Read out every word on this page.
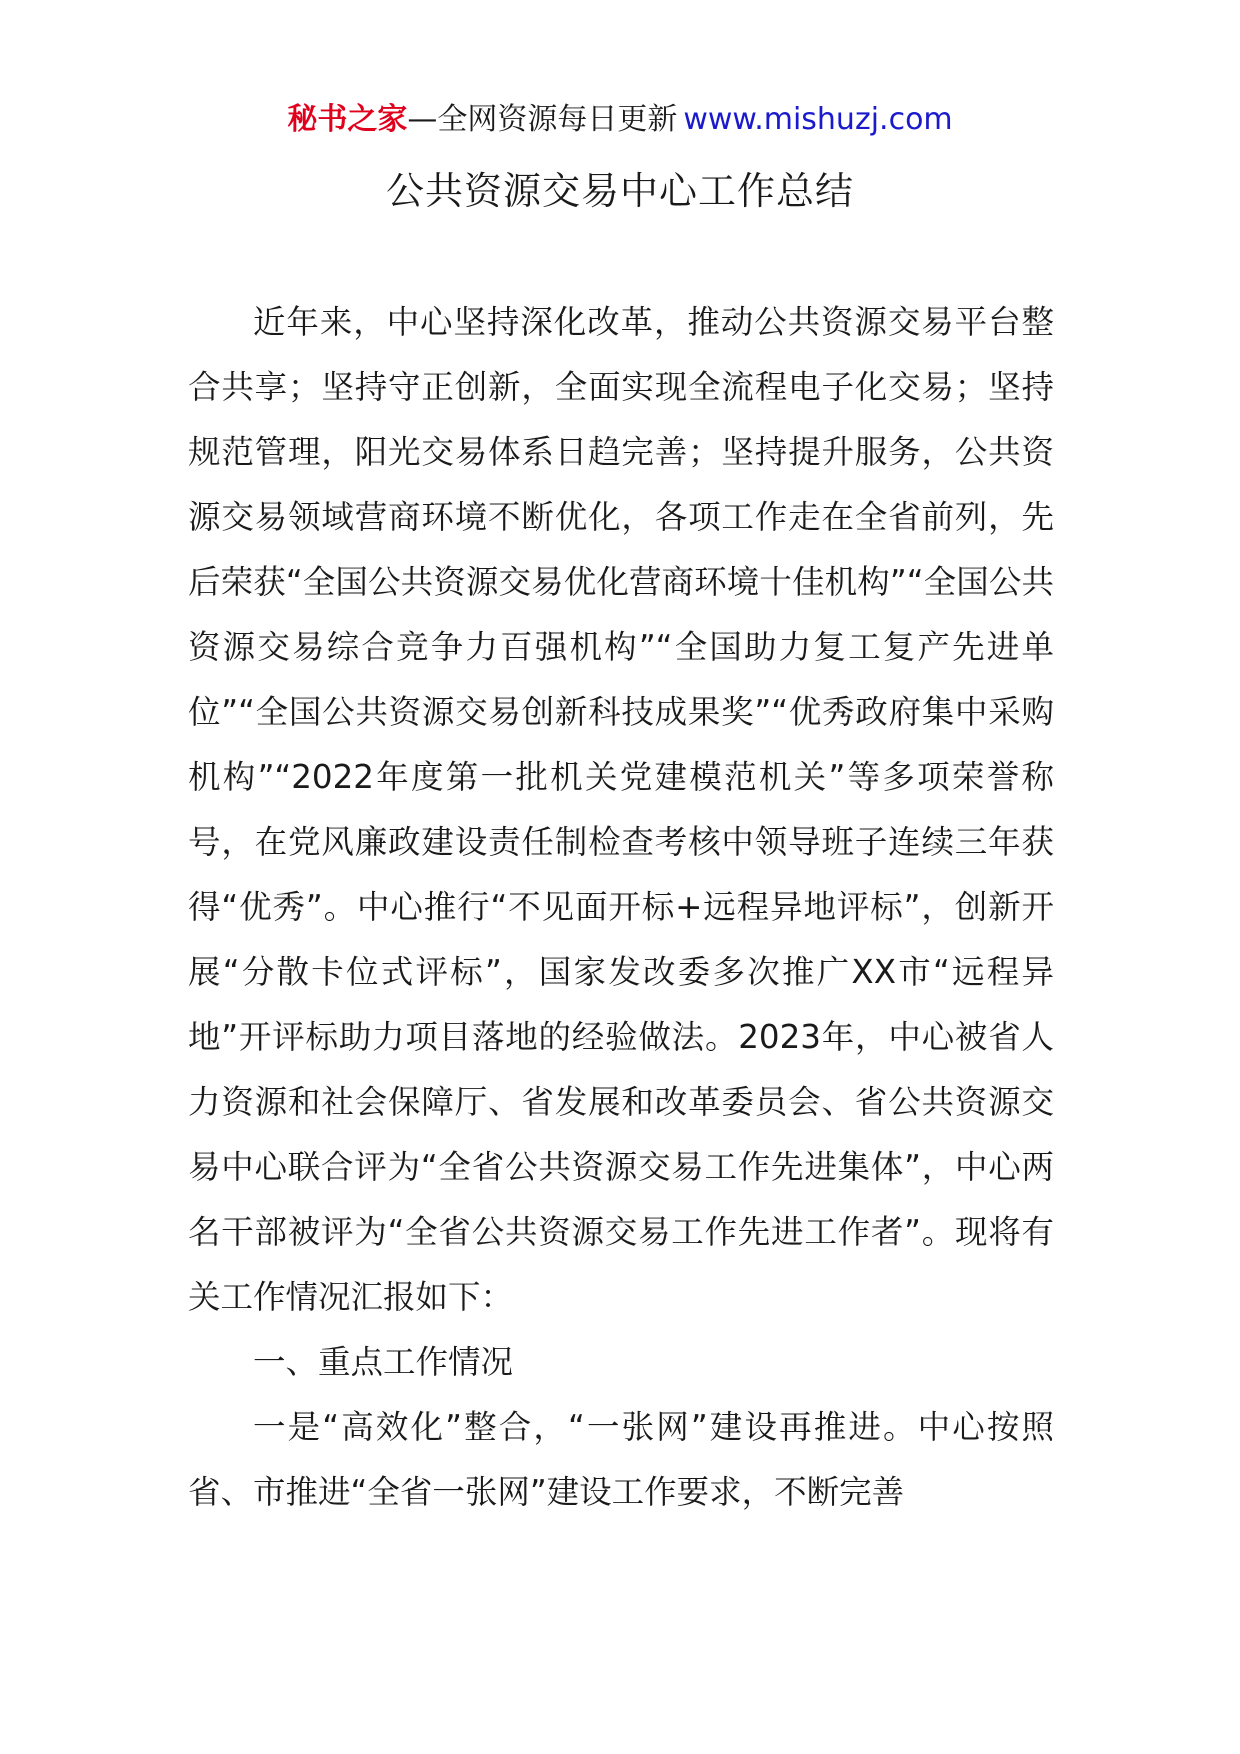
秘书之家—全网资源每日更新 www.mishuzj.com
公共资源交易中心工作总结

近年来，中心坚持深化改革，推动公共资源交易平台整合共享；坚持守正创新，全面实现全流程电子化交易；坚持规范管理，阳光交易体系日趋完善；坚持提升服务，公共资源交易领域营商环境不断优化，各项工作走在全省前列，先后荣获“全国公共资源交易优化营商环境十佳机构”“全国公共资源交易综合竞争力百强机构”“全国助力复工复产先进单位”“全国公共资源交易创新科技成果奖”“优秀政府集中采购机构”“2022年度第一批机关党建模范机关”等多项荣誉称号，在党风廉政建设责任制检查考核中领导班子连续三年获得“优秀”。中心推行“不见面开标+远程异地评标”，创新开展“分散卡位式评标”，国家发改委多次推广XX市“远程异地”开评标助力项目落地的经验做法。2023年，中心被省人力资源和社会保障厅、省发展和改革委员会、省公共资源交易中心联合评为“全省公共资源交易工作先进集体”，中心两名干部被评为“全省公共资源交易工作先进工作者”。现将有关工作情况汇报如下：

一、重点工作情况

一是“高效化”整合，“一张网”建设再推进。中心按照省、市推进“全省一张网”建设工作要求，不断完善
